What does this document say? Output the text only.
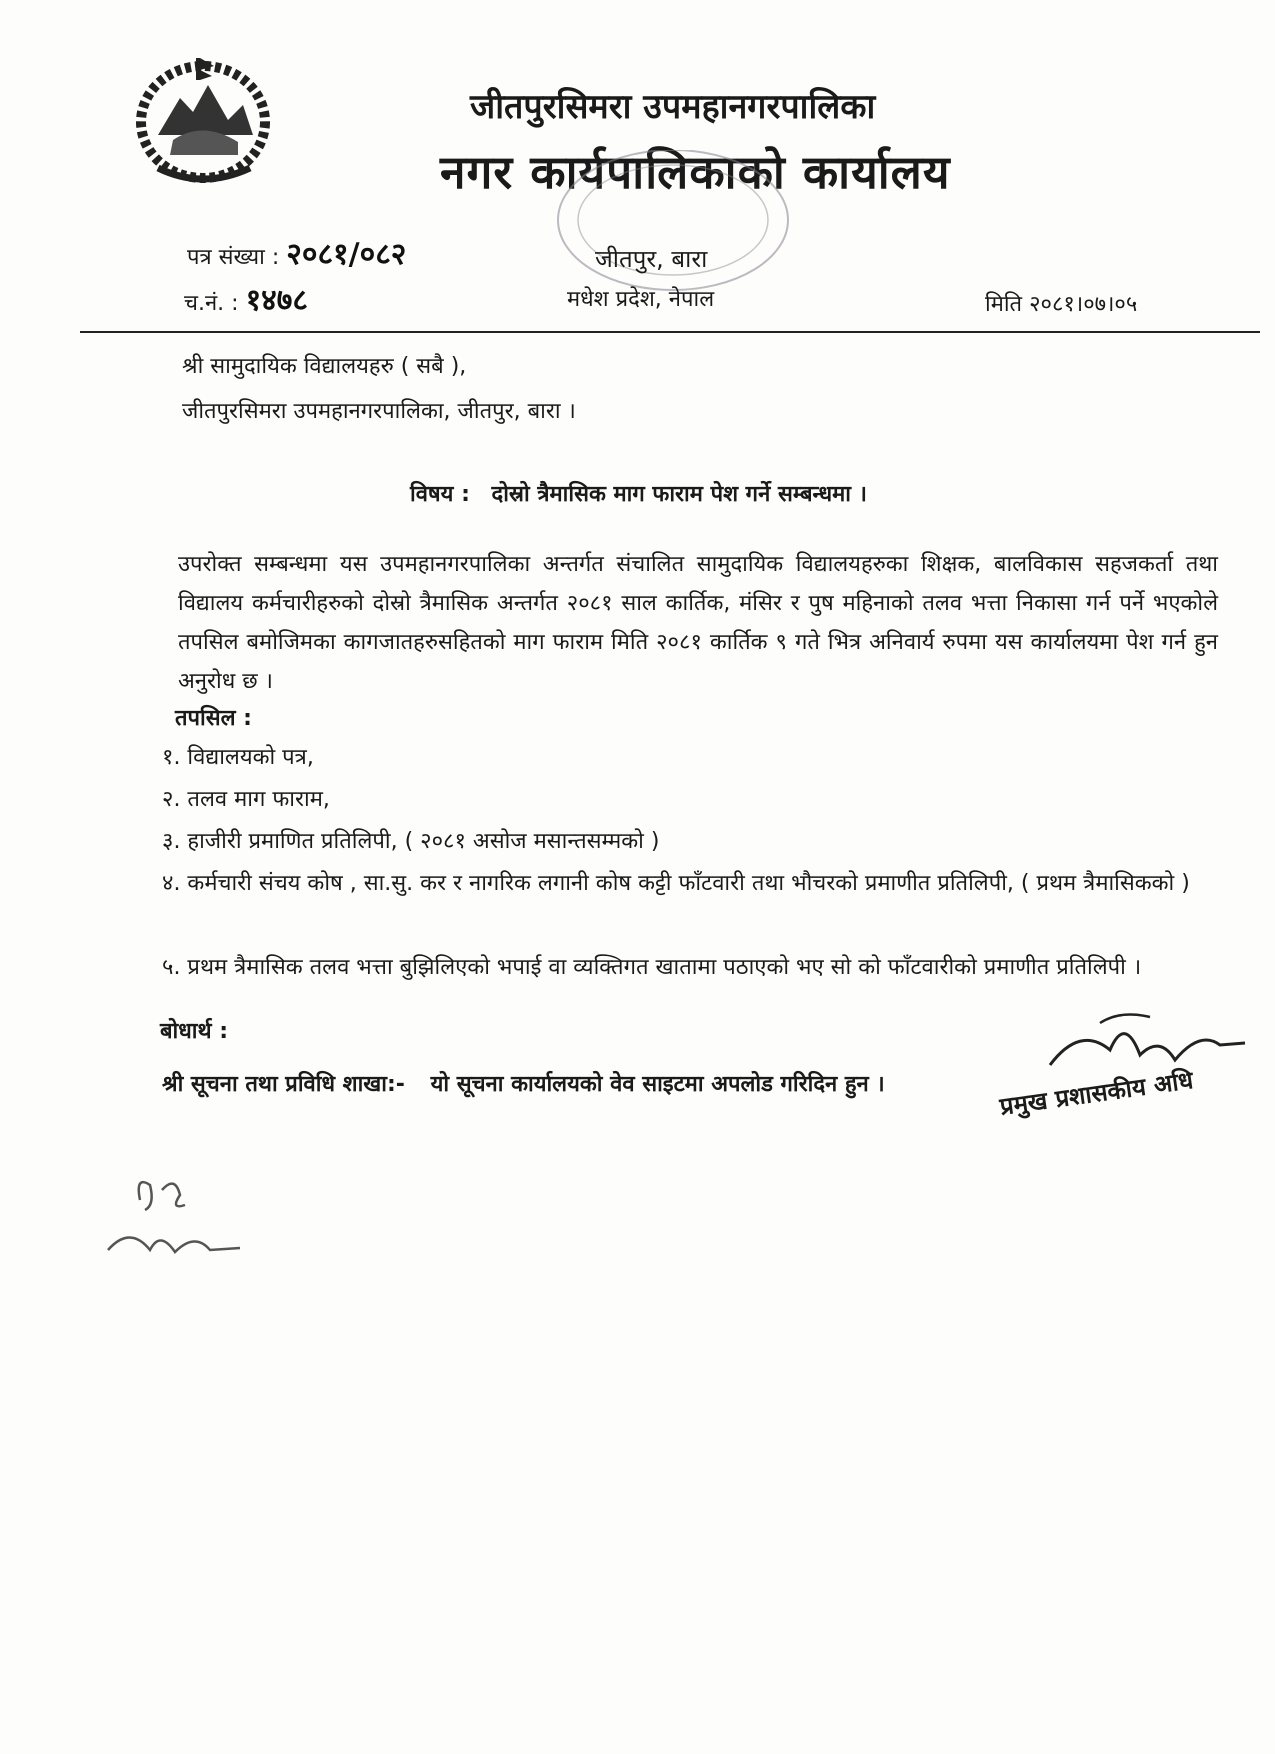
जीतपुरसिमरा उपमहानगरपालिका
नगर कार्यपालिकाको कार्यालय
जीतपुर, बारा
मधेश प्रदेश, नेपाल
पत्र संख्या : २०८१/०८२
च.नं. : १४७८	मिति २०८१।०७।०५
श्री सामुदायिक विद्यालयहरु ( सबै ),
जीतपुरसिमरा उपमहानगरपालिका, जीतपुर, बारा ।
विषय : दोस्रो त्रैमासिक माग फाराम पेश गर्ने सम्बन्धमा ।
उपरोक्त सम्बन्धमा यस उपमहानगरपालिका अन्तर्गत संचालित सामुदायिक विद्यालयहरुका शिक्षक, बालविकास सहजकर्ता तथा विद्यालय कर्मचारीहरुको दोस्रो त्रैमासिक अन्तर्गत २०८१ साल कार्तिक, मंसिर र पुष महिनाको तलव भत्ता निकासा गर्न पर्ने भएकोले तपसिल बमोजिमका कागजातहरुसहितको माग फाराम मिति २०८१ कार्तिक ९ गते भित्र अनिवार्य रुपमा यस कार्यालयमा पेश गर्न हुन अनुरोध छ ।
तपसिल :
१. विद्यालयको पत्र,
२. तलव माग फाराम,
३. हाजीरी प्रमाणित प्रतिलिपी, ( २०८१ असोज मसान्तसम्मको )
४. कर्मचारी संचय कोष , सा.सु. कर र नागरिक लगानी कोष कट्टी फाँटवारी तथा भौचरको प्रमाणीत प्रतिलिपी, ( प्रथम त्रैमासिकको )
५. प्रथम त्रैमासिक तलव भत्ता बुझिलिएको भपाई वा व्यक्तिगत खातामा पठाएको भए सो को फाँटवारीको प्रमाणीत प्रतिलिपी ।
बोधार्थ :
श्री सूचना तथा प्रविधि शाखा:- यो सूचना कार्यालयको वेव साइटमा अपलोड गरिदिन हुन ।	प्रमुख प्रशासकीय अधि
